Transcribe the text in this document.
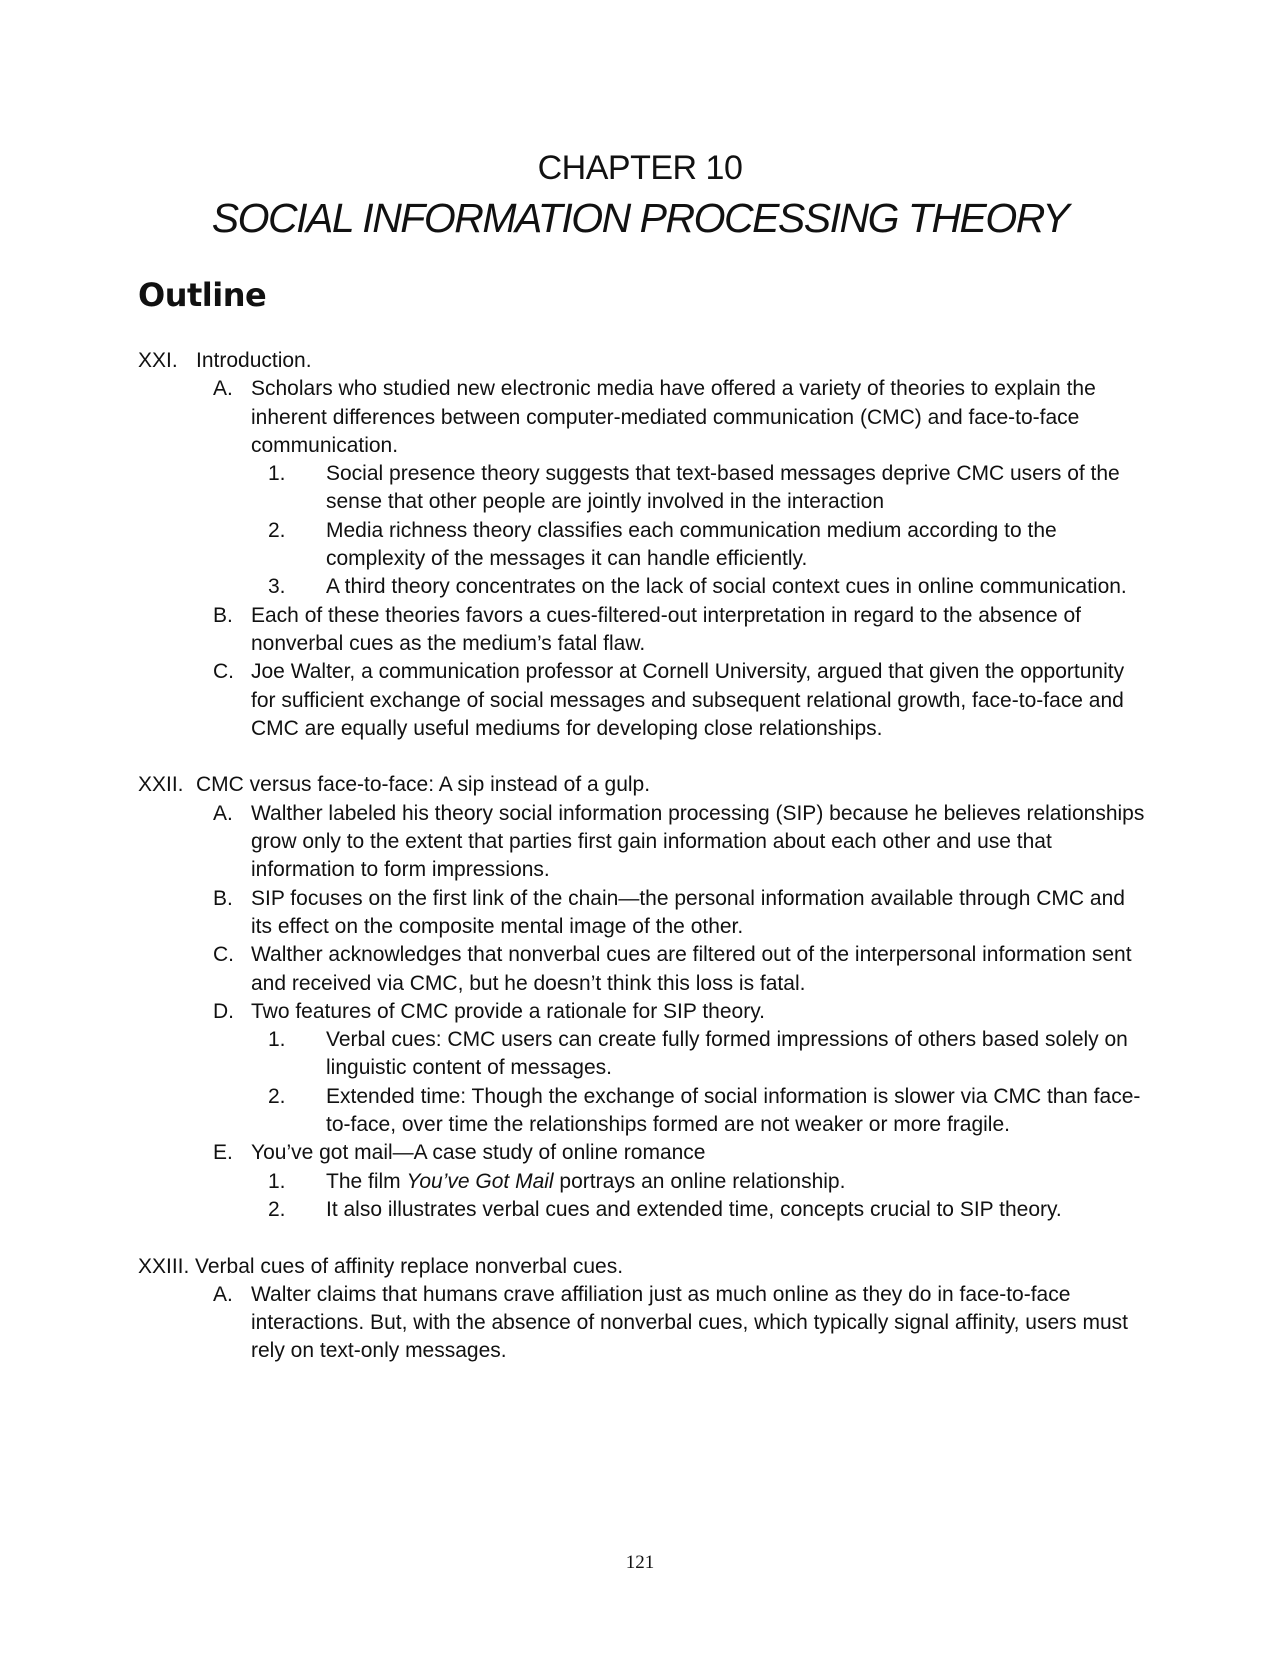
CHAPTER 10
SOCIAL INFORMATION PROCESSING THEORY
Outline
XXI. Introduction.
A. Scholars who studied new electronic media have offered a variety of theories to explain the inherent differences between computer-mediated communication (CMC) and face-to-face communication.
1.	Social presence theory suggests that text-based messages deprive CMC users of the sense that other people are jointly involved in the interaction
2.	Media richness theory classifies each communication medium according to the complexity of the messages it can handle efficiently.
3.	A third theory concentrates on the lack of social context cues in online communication.
B. Each of these theories favors a cues-filtered-out interpretation in regard to the absence of nonverbal cues as the medium’s fatal flaw.
C. Joe Walter, a communication professor at Cornell University, argued that given the opportunity for sufficient exchange of social messages and subsequent relational growth, face-to-face and CMC are equally useful mediums for developing close relationships.
XXII. CMC versus face-to-face: A sip instead of a gulp.
A. Walther labeled his theory social information processing (SIP) because he believes relationships grow only to the extent that parties first gain information about each other and use that information to form impressions.
B. SIP focuses on the first link of the chain—the personal information available through CMC and its effect on the composite mental image of the other.
C. Walther acknowledges that nonverbal cues are filtered out of the interpersonal information sent and received via CMC, but he doesn’t think this loss is fatal.
D. Two features of CMC provide a rationale for SIP theory.
1.	Verbal cues: CMC users can create fully formed impressions of others based solely on linguistic content of messages.
2.	Extended time: Though the exchange of social information is slower via CMC than face-to-face, over time the relationships formed are not weaker or more fragile.
E. You’ve got mail—A case study of online romance
1.	The film You’ve Got Mail portrays an online relationship.
2.	It also illustrates verbal cues and extended time, concepts crucial to SIP theory.
XXIII. Verbal cues of affinity replace nonverbal cues.
A. Walter claims that humans crave affiliation just as much online as they do in face-to-face interactions. But, with the absence of nonverbal cues, which typically signal affinity, users must rely on text-only messages.
121
